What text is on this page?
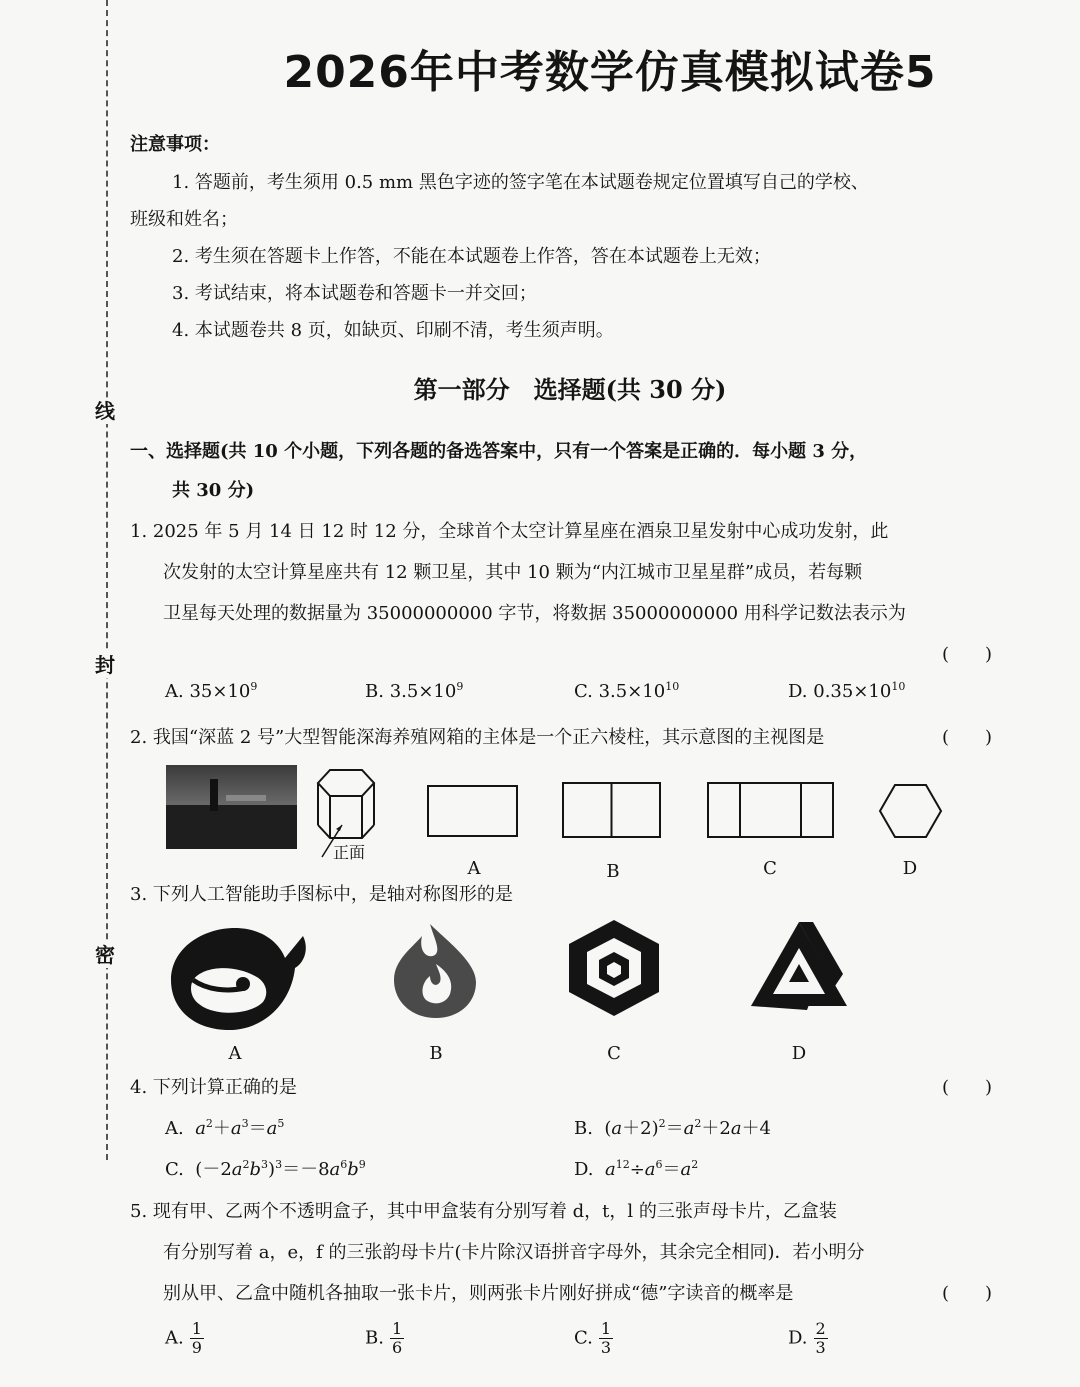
线
封
密
2026年中考数学仿真模拟试卷5
注意事项：
1. 答题前，考生须用 0.5 mm 黑色字迹的签字笔在本试题卷规定位置填写自己的学校、
班级和姓名；
2. 考生须在答题卡上作答，不能在本试题卷上作答，答在本试题卷上无效；
3. 考试结束，将本试题卷和答题卡一并交回；
4. 本试题卷共 8 页，如缺页、印刷不清，考生须声明。
第一部分　选择题(共 30 分)
一、选择题(共 10 个小题，下列各题的备选答案中，只有一个答案是正确的．每小题 3 分，
共 30 分)
1. 2025 年 5 月 14 日 12 时 12 分，全球首个太空计算星座在酒泉卫星发射中心成功发射，此
次发射的太空计算星座共有 12 颗卫星，其中 10 颗为“内江城市卫星星群”成员，若每颗
卫星每天处理的数据量为 35000000000 字节，将数据 35000000000 用科学记数法表示为
(　　)
A. $35\times 10^9$	B. $3.5\times 10^9$	C. $3.5\times 10^{10}$	D. $0.35\times 10^{10}$
2. 我国“深蓝 2 号”大型智能深海养殖网箱的主体是一个正六棱柱，其示意图的主视图是	(　　)
正面
A	B	C	D
3. 下列人工智能助手图标中，是轴对称图形的是
A	B	C	D
4. 下列计算正确的是	(　　)
A. $a^2+a^3=a^5$	B.  $(a+2)^2=a^2+2a+4$
C.  $(-2a^2b^3)^3=-8a^6b^9$	D. $a^{12}\div a^6=a^2$
5. 现有甲、乙两个不透明盒子，其中甲盒装有分别写着 d，t，l 的三张声母卡片，乙盒装
有分别写着 a，e，f 的三张韵母卡片(卡片除汉语拼音字母外，其余完全相同)．若小明分
别从甲、乙盒中随机各抽取一张卡片，则两张卡片刚好拼成“德”字读音的概率是	(　　)
A. $\frac{1}{9}$	B. $\frac{1}{6}$	C. $\frac{1}{3}$	D. $\frac{2}{3}$
